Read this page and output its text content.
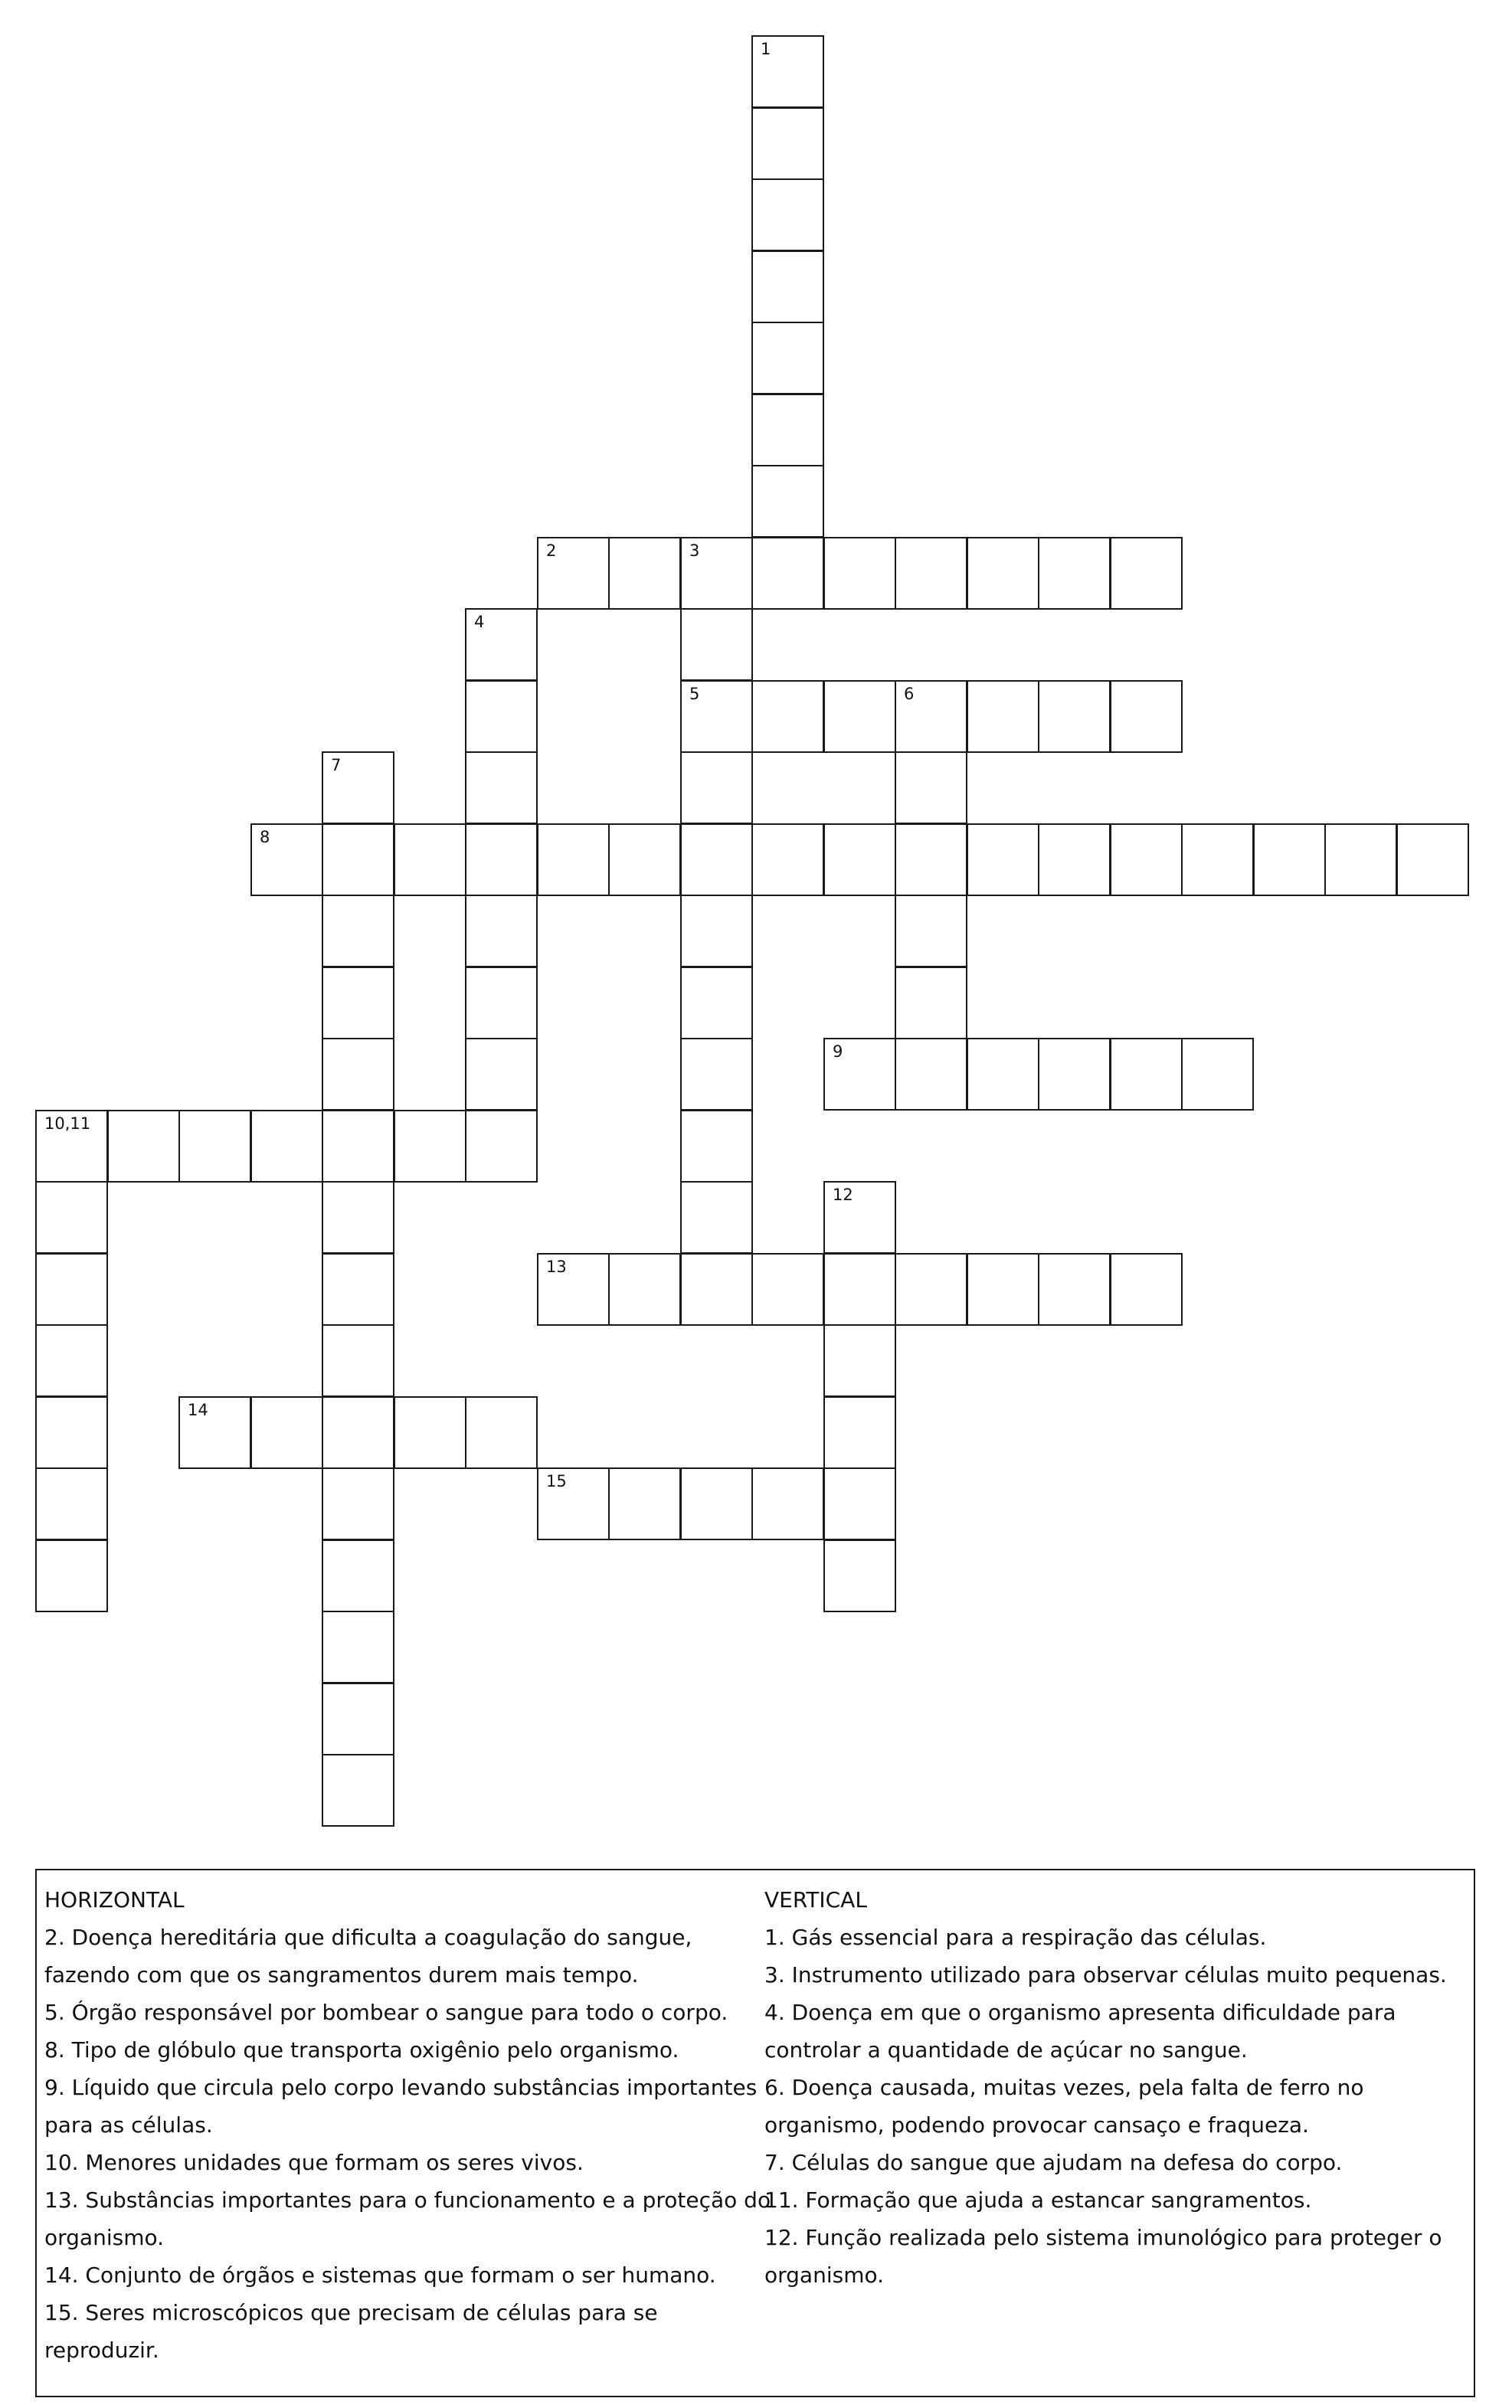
1
2	3
5
4
6
7
8
9
10,11
12
13
14
15
HORIZONTAL
2. Doença hereditária que dificulta a coagulação do sangue, fazendo com que os sangramentos durem mais tempo.
5. Órgão responsável por bombear o sangue para todo o corpo.
8. Tipo de glóbulo que transporta oxigênio pelo organismo.
9. Líquido que circula pelo corpo levando substâncias importantes para as células.
10. Menores unidades que formam os seres vivos.
13. Substâncias importantes para o funcionamento e a proteção do organismo.
14. Conjunto de órgãos e sistemas que formam o ser humano.
15. Seres microscópicos que precisam de células para se reproduzir.
VERTICAL
1. Gás essencial para a respiração das células.
3. Instrumento utilizado para observar células muito pequenas.
4. Doença em que o organismo apresenta dificuldade para controlar a quantidade de açúcar no sangue.
6. Doença causada, muitas vezes, pela falta de ferro no organismo, podendo provocar cansaço e fraqueza.
7. Células do sangue que ajudam na defesa do corpo.
11. Formação que ajuda a estancar sangramentos.
12. Função realizada pelo sistema imunológico para proteger o organismo.
